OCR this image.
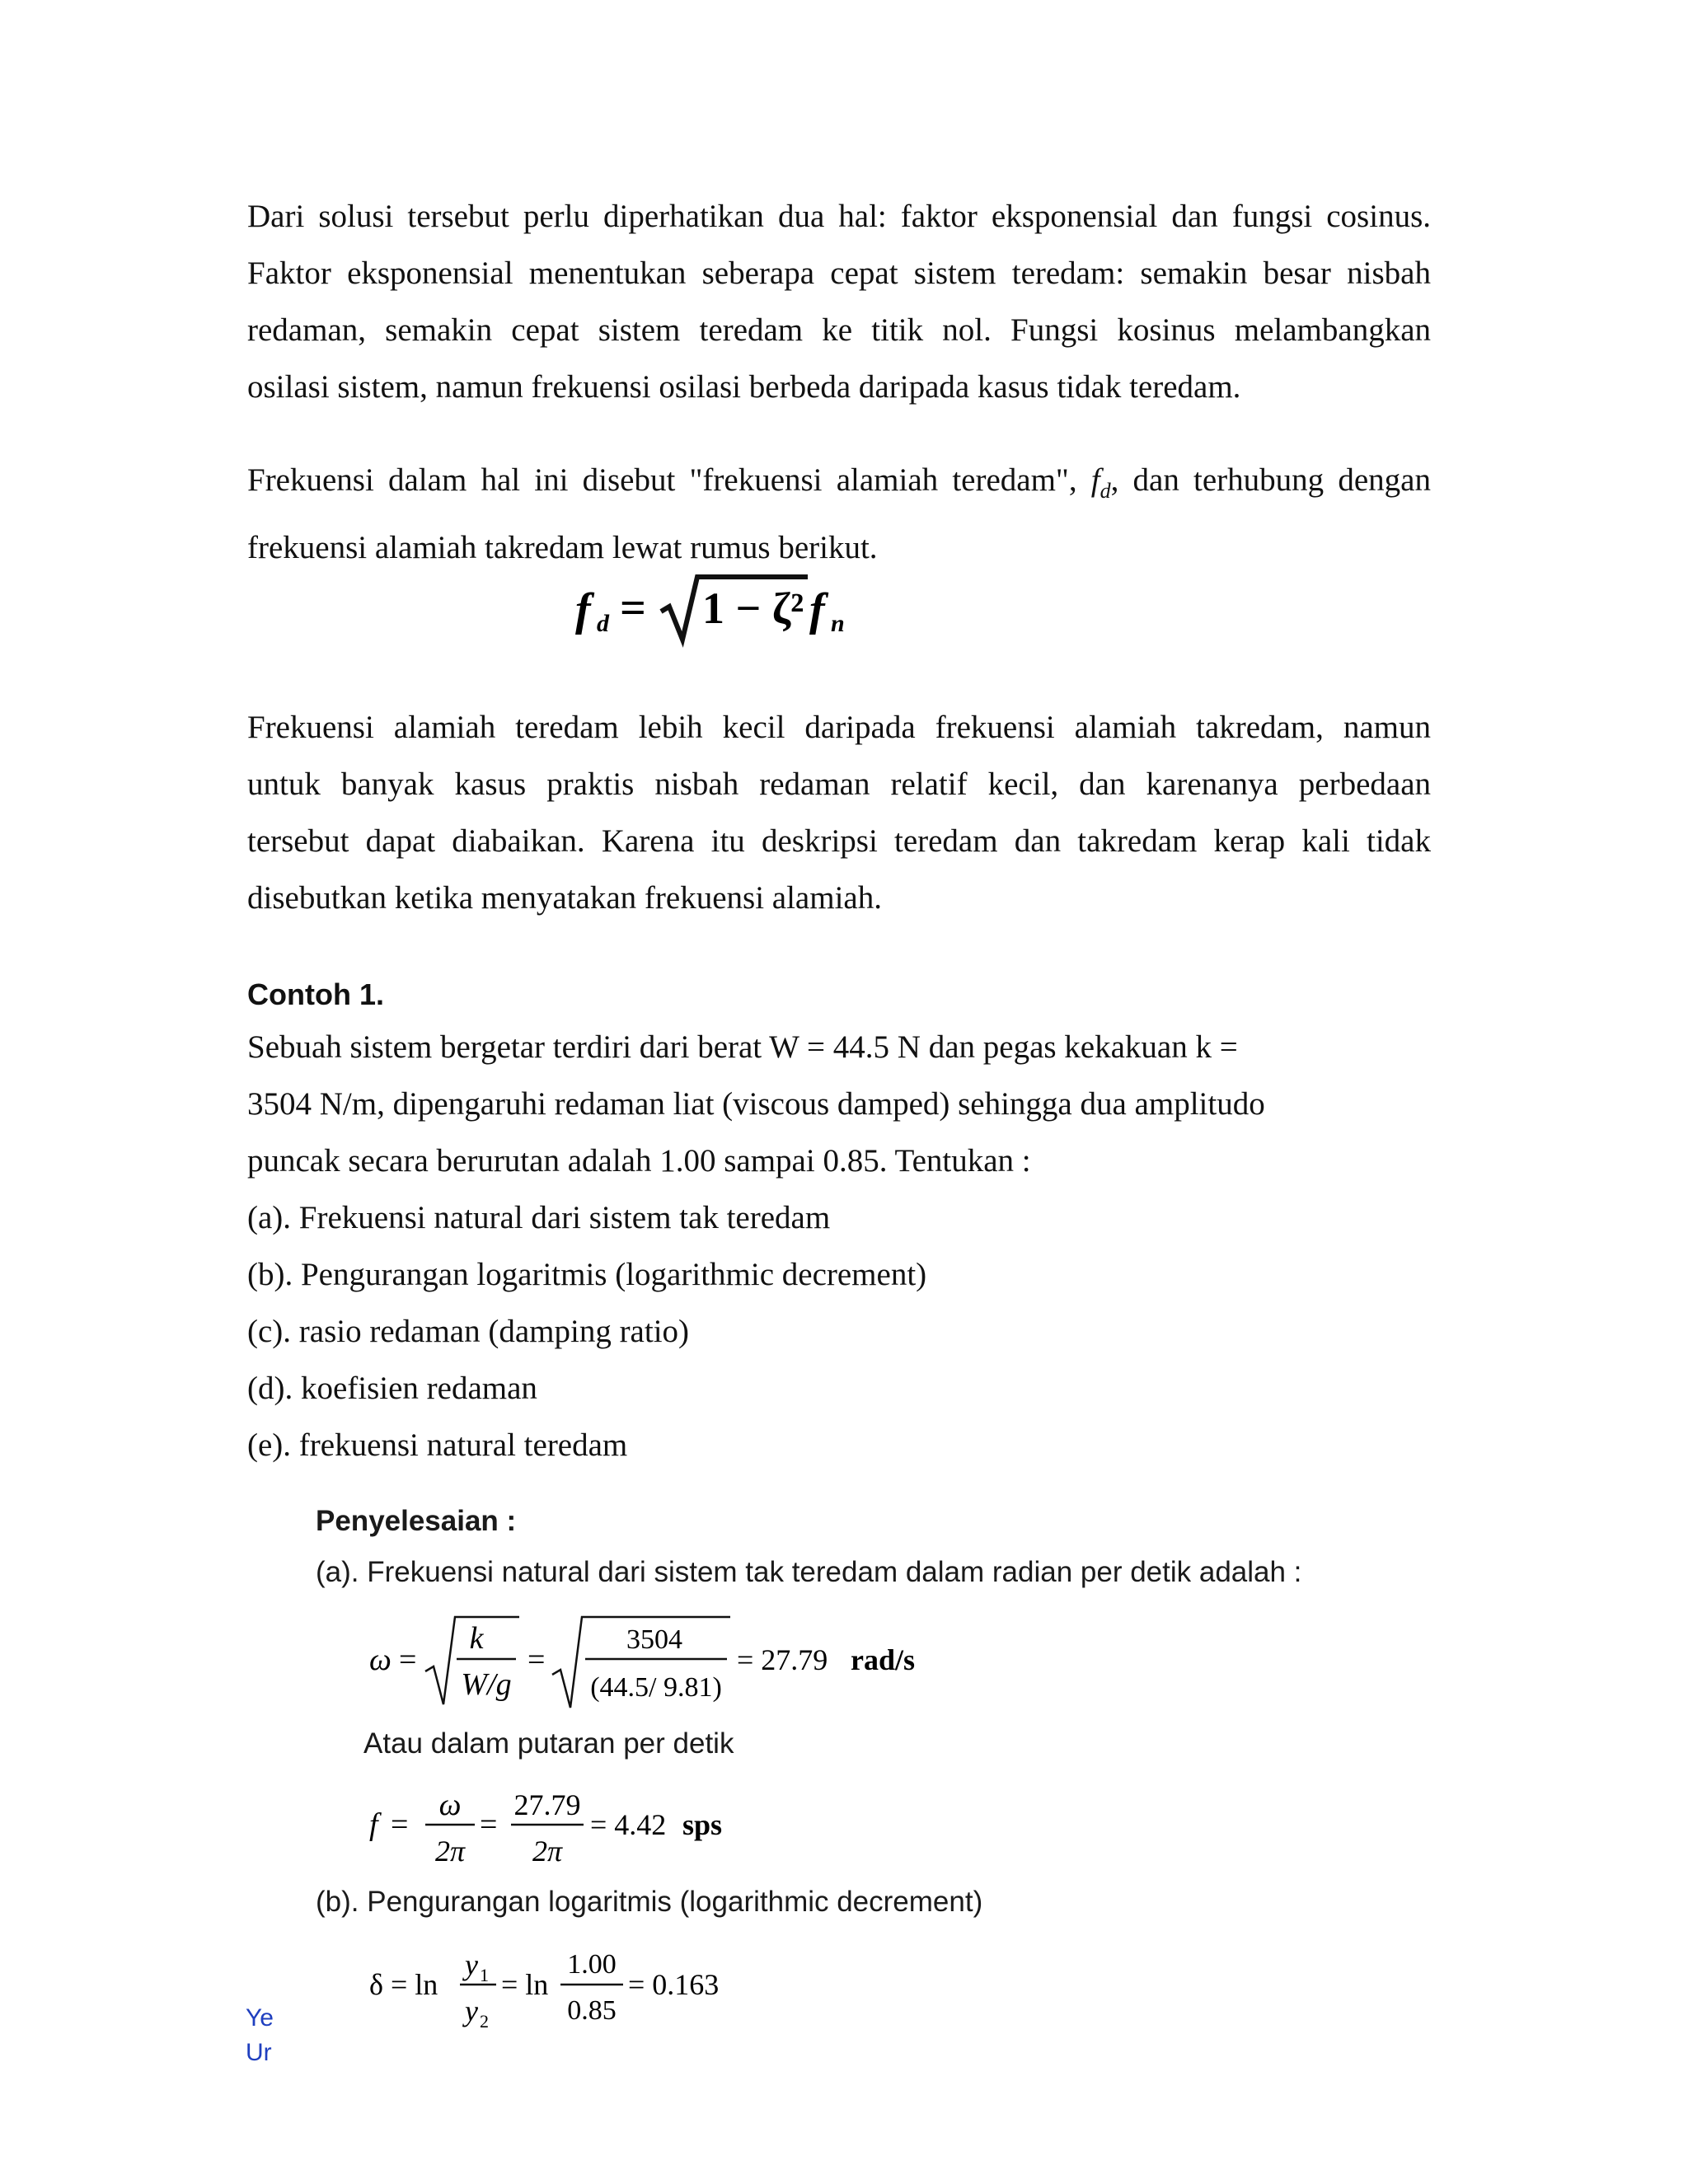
Dari solusi tersebut perlu diperhatikan dua hal: faktor eksponensial dan fungsi cosinus.
Faktor eksponensial menentukan seberapa cepat sistem teredam: semakin besar nisbah
redaman, semakin cepat sistem teredam ke titik nol. Fungsi kosinus melambangkan
osilasi sistem, namun frekuensi osilasi berbeda daripada kasus tidak teredam.
Frekuensi dalam hal ini disebut "frekuensi alamiah teredam", $f_d$, dan terhubung dengan
frekuensi alamiah takredam lewat rumus berikut.
f d = 1 − ζ² f n
Frekuensi alamiah teredam lebih kecil daripada frekuensi alamiah takredam, namun
untuk banyak kasus praktis nisbah redaman relatif kecil, dan karenanya perbedaan
tersebut dapat diabaikan. Karena itu deskripsi teredam dan takredam kerap kali tidak
disebutkan ketika menyatakan frekuensi alamiah.
Contoh 1.
Sebuah sistem bergetar terdiri dari berat W = 44.5 N dan pegas kekakuan k =
3504 N/m, dipengaruhi redaman liat (viscous damped) sehingga dua amplitudo
puncak secara berurutan adalah 1.00 sampai 0.85. Tentukan :
(a). Frekuensi natural dari sistem tak teredam
(b). Pengurangan logaritmis (logarithmic decrement)
(c). rasio redaman (damping ratio)
(d). koefisien redaman
(e). frekuensi natural teredam
Penyelesaian :
(a). Frekuensi natural dari sistem tak teredam dalam radian per detik adalah :
ω =
k
W/g
=
3504
(44.5/ 9.81)
= 27.79 rad/s
Atau dalam putaran per detik
f =
ω
2π
=
27.79
2π
= 4.42 sps
(b). Pengurangan logaritmis (logarithmic decrement)
δ = ln
y 1
y 2
= ln
1.00
0.85
= 0.163
Ye
Ur
